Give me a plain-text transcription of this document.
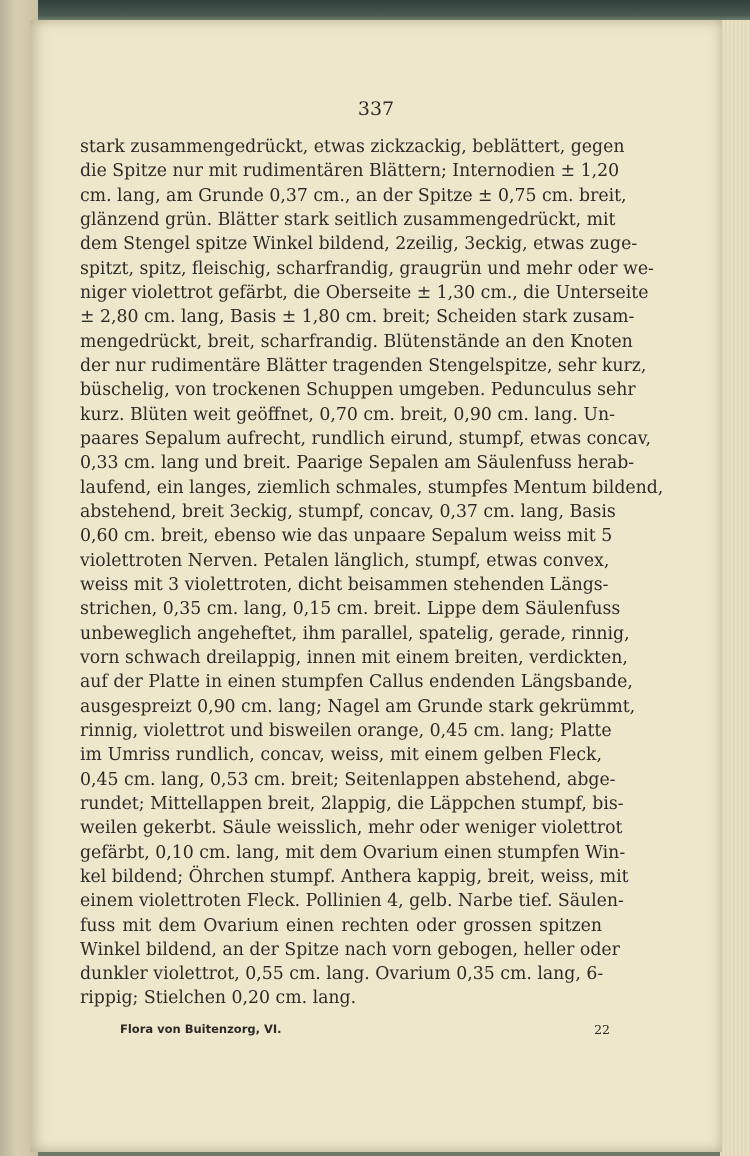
337
stark zusammengedrückt, etwas zickzackig, beblättert, gegen
die Spitze nur mit rudimentären Blättern; Internodien ± 1,20
cm. lang, am Grunde 0,37 cm., an der Spitze ± 0,75 cm. breit,
glänzend grün. Blätter stark seitlich zusammengedrückt, mit
dem Stengel spitze Winkel bildend, 2zeilig, 3eckig, etwas zuge-
spitzt, spitz, fleischig, scharfrandig, graugrün und mehr oder we-
niger violettrot gefärbt, die Oberseite ± 1,30 cm., die Unterseite
± 2,80 cm. lang, Basis ± 1,80 cm. breit; Scheiden stark zusam-
mengedrückt, breit, scharfrandig. Blütenstände an den Knoten
der nur rudimentäre Blätter tragenden Stengelspitze, sehr kurz,
büschelig, von trockenen Schuppen umgeben. Pedunculus sehr
kurz. Blüten weit geöffnet, 0,70 cm. breit, 0,90 cm. lang. Un-
paares Sepalum aufrecht, rundlich eirund, stumpf, etwas concav,
0,33 cm. lang und breit. Paarige Sepalen am Säulenfuss herab-
laufend, ein langes, ziemlich schmales, stumpfes Mentum bildend,
abstehend, breit 3eckig, stumpf, concav, 0,37 cm. lang, Basis
0,60 cm. breit, ebenso wie das unpaare Sepalum weiss mit 5
violettroten Nerven. Petalen länglich, stumpf, etwas convex,
weiss mit 3 violettroten, dicht beisammen stehenden Längs-
strichen, 0,35 cm. lang, 0,15 cm. breit. Lippe dem Säulenfuss
unbeweglich angeheftet, ihm parallel, spatelig, gerade, rinnig,
vorn schwach dreilappig, innen mit einem breiten, verdickten,
auf der Platte in einen stumpfen Callus endenden Längsbande,
ausgespreizt 0,90 cm. lang; Nagel am Grunde stark gekrümmt,
rinnig, violettrot und bisweilen orange, 0,45 cm. lang; Platte
im Umriss rundlich, concav, weiss, mit einem gelben Fleck,
0,45 cm. lang, 0,53 cm. breit; Seitenlappen abstehend, abge-
rundet; Mittellappen breit, 2lappig, die Läppchen stumpf, bis-
weilen gekerbt. Säule weisslich, mehr oder weniger violettrot
gefärbt, 0,10 cm. lang, mit dem Ovarium einen stumpfen Win-
kel bildend; Öhrchen stumpf. Anthera kappig, breit, weiss, mit
einem violettroten Fleck. Pollinien 4, gelb. Narbe tief. Säulen-
fuss mit dem Ovarium einen rechten oder grossen spitzen
Winkel bildend, an der Spitze nach vorn gebogen, heller oder
dunkler violettrot, 0,55 cm. lang. Ovarium 0,35 cm. lang, 6-
rippig; Stielchen 0,20 cm. lang.
Flora von Buitenzorg, VI.	22
